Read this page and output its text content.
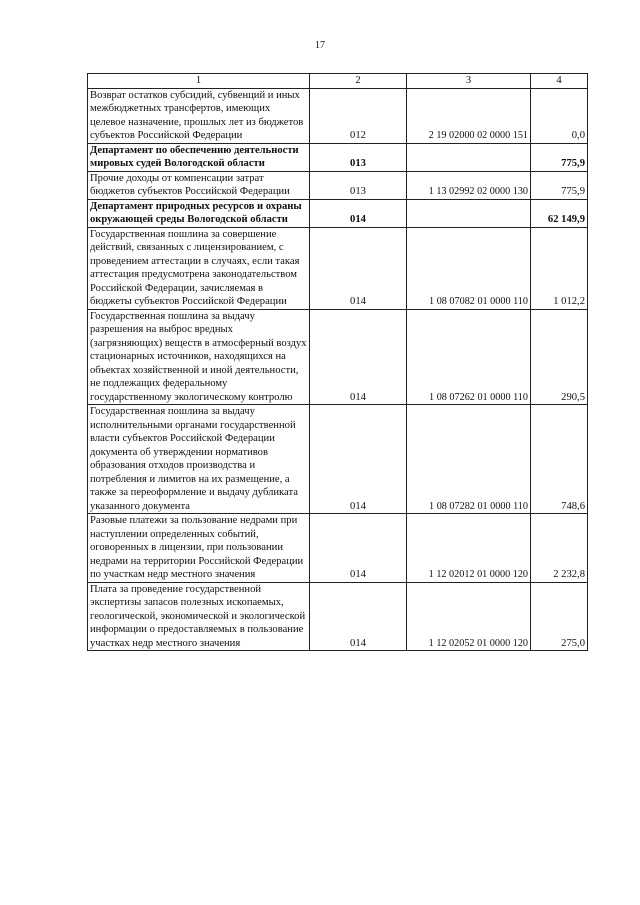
17
1	2	3	4
Возврат остатков субсидий, субвенций и иных межбюджетных трансфертов, имеющих целевое назначение, прошлых лет из бюджетов субъектов Российской Федерации	012	2 19 02000 02 0000 151	0,0
Департамент по обеспечению деятельности мировых судей Вологодской области	013		775,9
Прочие доходы от компенсации затрат бюджетов субъектов Российской Федерации	013	1 13 02992 02 0000 130	775,9
Департамент природных ресурсов и охраны окружающей среды Вологодской области	014		62 149,9
Государственная пошлина за совершение действий, связанных с лицензированием, с проведением аттестации в случаях, если такая аттестация предусмотрена законодательством Российской Федерации, зачисляемая в бюджеты субъектов Российской Федерации	014	1 08 07082 01 0000 110	1 012,2
Государственная пошлина за выдачу разрешения на выброс вредных (загрязняющих) веществ в атмосферный воздух стационарных источников, находящихся на объектах хозяйственной и иной деятельности, не подлежащих федеральному государственному экологическому контролю	014	1 08 07262 01 0000 110	290,5
Государственная пошлина за выдачу исполнительными органами государственной власти субъектов Российской Федерации документа об утверждении нормативов образования отходов производства и потребления и лимитов на их размещение, а также за переоформление и выдачу дубликата указанного документа	014	1 08 07282 01 0000 110	748,6
Разовые платежи за пользование недрами при наступлении определенных событий, оговоренных в лицензии, при пользовании недрами на территории Российской Федерации по участкам недр местного значения	014	1 12 02012 01 0000 120	2 232,8
Плата за проведение государственной экспертизы запасов полезных ископаемых, геологической, экономической и экологической информации о предоставляемых в пользование участках недр местного значения	014	1 12 02052 01 0000 120	275,0
